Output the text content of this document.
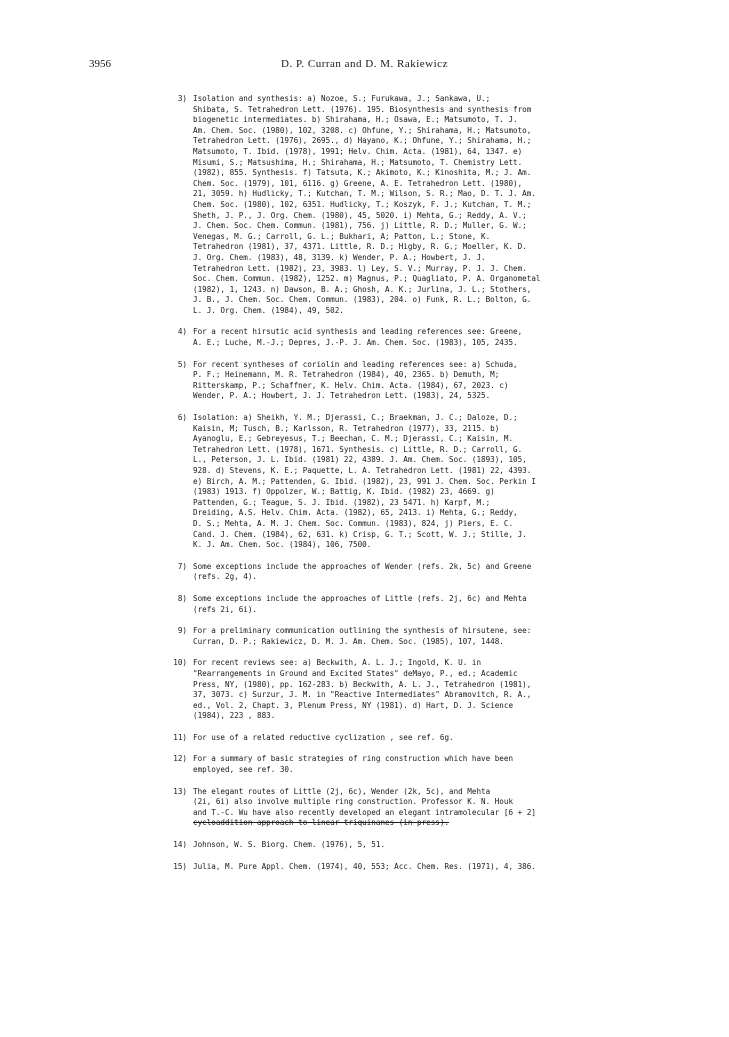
3956	D. P. Curran and D. M. Rakiewicz
3) Isolation and synthesis: a) Nozoe, S.; Furukawa, J.; Sankawa, U.;
Shibata, S. Tetrahedron Lett. (1976). 195. Biosynthesis and synthesis from
biogenetic intermediates. b) Shirahama, H.; Osawa, E.; Matsumoto, T. J.
Am. Chem. Soc. (1980), 102, 3208. c) Ohfune, Y.; Shirahama, H.; Matsumoto,
Tetrahedron Lett. (1976), 2695., d) Hayano, K.; Ohfune, Y.; Shirahama, H.;
Matsumoto, T. Ibid. (1978), 1991; Helv. Chim. Acta. (1981), 64, 1347. e)
Misumi, S.; Matsushima, H.; Shirahama, H.; Matsumoto, T. Chemistry Lett.
(1982), 855. Synthesis. f) Tatsuta, K.; Akimoto, K.; Kinoshita, M.; J. Am.
Chem. Soc. (1979), 101, 6116. g) Greene, A. E. Tetrahedron Lett. (1980),
21, 3059. h) Hudlicky, T.; Kutchan, T. M.; Wilson, S. R.; Mao, D. T. J. Am.
Chem. Soc. (1980), 102, 6351. Hudlicky, T.; Koszyk, F. J.; Kutchan, T. M.;
Sheth, J. P., J. Org. Chem. (1980), 45, 5020. i) Mehta, G.; Reddy, A. V.;
J. Chem. Soc. Chem. Commun. (1981), 756. j) Little, R. D.; Muller, G. W.;
Venegas, M. G.; Carroll, G. L.; Bukhari, A; Patton, L.; Stone, K.
Tetrahedron (1981), 37, 4371. Little, R. D.; Higby, R. G.; Moeller, K. D.
J. Org. Chem. (1983), 48, 3139. k) Wender, P. A.; Howbert, J. J.
Tetrahedron Lett. (1982), 23, 3983. l) Ley, S. V.; Murray, P. J. J. Chem.
Soc. Chem. Commun. (1982), 1252. m) Magnus, P.; Quagliato, P. A. Organometal
(1982), 1, 1243. n) Dawson, B. A.; Ghosh, A. K.; Jurlina, J. L.; Stothers,
J. B., J. Chem. Soc. Chem. Commun. (1983), 204. o) Funk, R. L.; Bolton, G.
L. J. Org. Chem. (1984), 49, 502.
4) For a recent hirsutic acid synthesis and leading references see: Greene,
A. E.; Luche, M.-J.; Depres, J.-P. J. Am. Chem. Soc. (1983), 105, 2435.
5) For recent syntheses of coriolin and leading references see: a) Schuda,
P. F.; Heinemann, M. R. Tetrahedron (1984), 40, 2365. b) Demuth, M;
Ritterskamp, P.; Schaffner, K. Helv. Chim. Acta. (1984), 67, 2023. c)
Wender, P. A.; Howbert, J. J. Tetrahedron Lett. (1983), 24, 5325.
6) Isolation: a) Sheikh, Y. M.; Djerassi, C.; Braekman, J. C.; Daloze, D.;
Kaisin, M; Tusch, B.; Karlsson, R. Tetrahedron (1977), 33, 2115. b)
Ayanoglu, E.; Gebreyesus, T.; Beechan, C. M.; Djerassi, C.; Kaisin, M.
Tetrahedron Lett. (1978), 1671. Synthesis. c) Little, R. D.; Carroll, G.
L., Peterson, J. L. Ibid. (1981) 22, 4389. J. Am. Chem. Soc. (1893), 105,
928. d) Stevens, K. E.; Paquette, L. A. Tetrahedron Lett. (1981) 22, 4393.
e) Birch, A. M.; Pattenden, G. Ibid. (1982), 23, 991 J. Chem. Soc. Perkin I
(1983) 1913. f) Oppolzer, W.; Battig, K. Ibid. (1982) 23, 4669. g)
Pattenden, G.; Teague, S. J. Ibid. (1982), 23 5471. h) Karpf, M.;
Dreiding, A.S. Helv. Chim. Acta. (1982), 65, 2413. i) Mehta, G.; Reddy,
D. S.; Mehta, A. M. J. Chem. Soc. Commun. (1983), 824, j) Piers, E. C.
Cand. J. Chem. (1984), 62, 631. k) Crisp, G. T.; Scott, W. J.; Stille, J.
K. J. Am. Chem. Soc. (1984), 106, 7500.
7) Some exceptions include the approaches of Wender (refs. 2k, 5c) and Greene
(refs. 2g, 4).
8) Some exceptions include the approaches of Little (refs. 2j, 6c) and Mehta
(refs 2i, 6i).
9) For a preliminary communication outlining the synthesis of hirsutene, see:
Curran, D. P.; Rakiewicz, D. M. J. Am. Chem. Soc. (1985), 107, 1448.
10) For recent reviews see: a) Beckwith, A. L. J.; Ingold, K. U. in
"Rearrangements in Ground and Excited States" deMayo, P., ed.; Academic
Press, NY, (1980), pp. 162-283. b) Beckwith, A. L. J., Tetrahedron (1981),
37, 3073. c) Surzur, J. M. in "Reactive Intermediates" Abramovitch, R. A.,
ed., Vol. 2, Chapt. 3, Plenum Press, NY (1981). d) Hart, D. J. Science
(1984), 223 , 883.
11) For use of a related reductive cyclization , see ref. 6g.
12) For a summary of basic strategies of ring construction which have been
employed, see ref. 30.
13) The elegant routes of Little (2j, 6c), Wender (2k, 5c), and Mehta
(2i, 6i) also involve multiple ring construction. Professor K. N. Houk
and T.-C. Wu have also recently developed an elegant intramolecular [6 + 2]
cycloaddition approach to linear triquinanes (in press).
14) Johnson, W. S. Biorg. Chem. (1976), 5, 51.
15) Julia, M. Pure Appl. Chem. (1974), 40, 553; Acc. Chem. Res. (1971), 4, 386.
